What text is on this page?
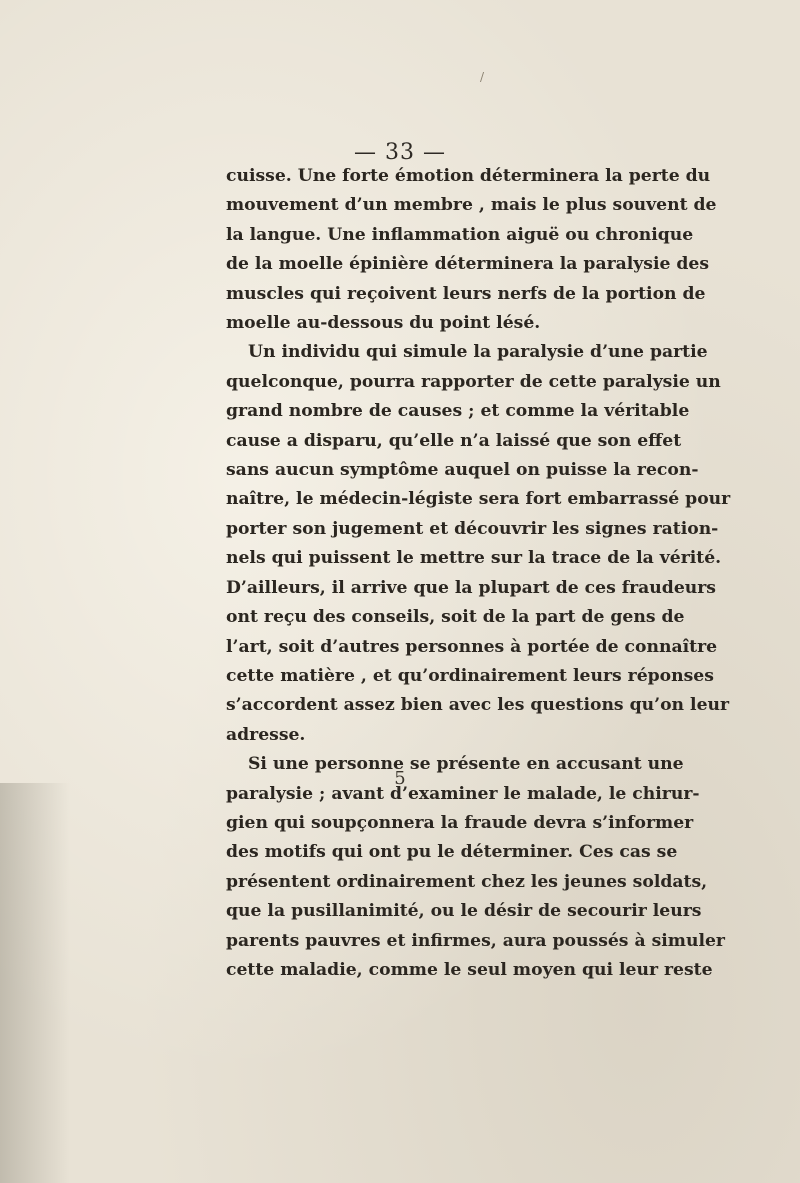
/
— 33 —
cuisse. Une forte émotion déterminera la perte du
mouvement d’un membre , mais le plus souvent de
la langue. Une inflammation aiguë ou chronique
de la moelle épinière déterminera la paralysie des
muscles qui reçoivent leurs nerfs de la portion de
moelle au-dessous du point lésé.
Un individu qui simule la paralysie d’une partie
quelconque, pourra rapporter de cette paralysie un
grand nombre de causes ; et comme la véritable
cause a disparu, qu’elle n’a laissé que son effet
sans aucun symptôme auquel on puisse la recon-
naître, le médecin-légiste sera fort embarrassé pour
porter son jugement et découvrir les signes ration-
nels qui puissent le mettre sur la trace de la vérité.
D’ailleurs, il arrive que la plupart de ces fraudeurs
ont reçu des conseils, soit de la part de gens de
l’art, soit d’autres personnes à portée de connaître
cette matière , et qu’ordinairement leurs réponses
s’accordent assez bien avec les questions qu’on leur
adresse.
Si une personne se présente en accusant une
paralysie ; avant d’examiner le malade, le chirur-
gien qui soupçonnera la fraude devra s’informer
des motifs qui ont pu le déterminer. Ces cas se
présentent ordinairement chez les jeunes soldats,
que la pusillanimité, ou le désir de secourir leurs
parents pauvres et infirmes, aura poussés à simuler
cette maladie, comme le seul moyen qui leur reste
5
